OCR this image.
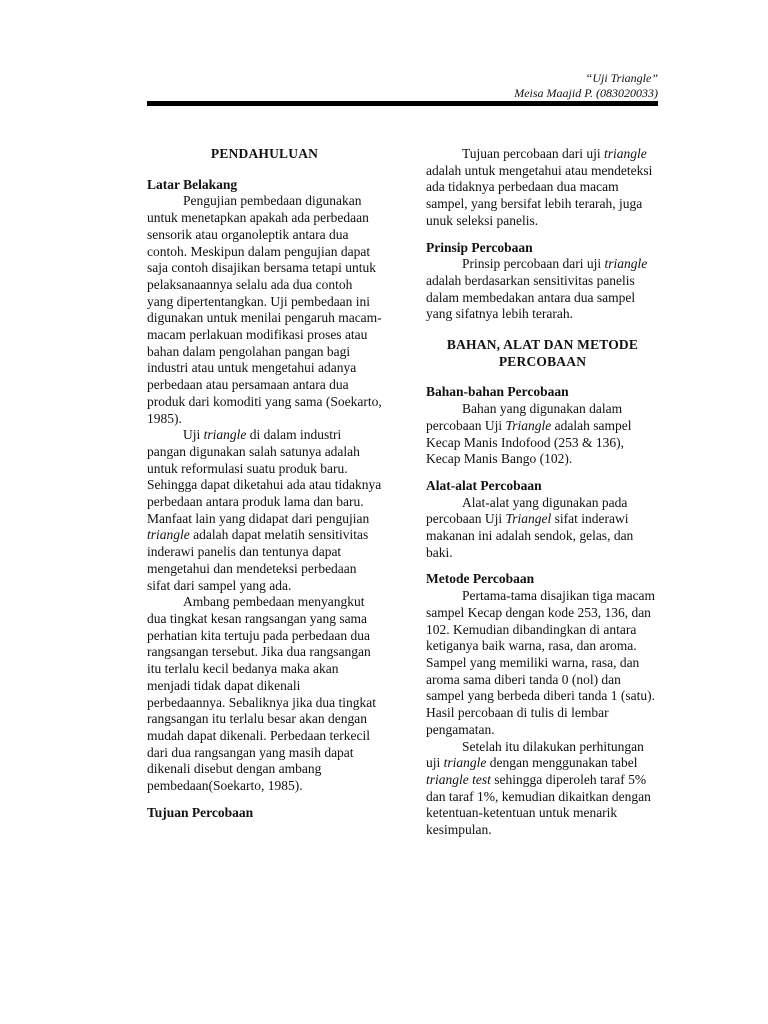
“Uji Triangle”
Meisa Maajid P. (083020033)
PENDAHULUAN
Latar Belakang

Pengujian pembedaan digunakan untuk menetapkan apakah ada perbedaan sensorik atau organoleptik antara dua contoh. Meskipun dalam pengujian dapat saja contoh disajikan bersama tetapi untuk pelaksanaannya selalu ada dua contoh yang dipertentangkan. Uji pembedaan ini digunakan untuk menilai pengaruh macam-macam perlakuan modifikasi proses atau bahan dalam pengolahan pangan bagi industri atau untuk mengetahui adanya perbedaan atau persamaan antara dua produk dari komoditi yang sama (Soekarto, 1985).

Uji triangle di dalam industri pangan digunakan salah satunya adalah untuk reformulasi suatu produk baru. Sehingga dapat diketahui ada atau tidaknya perbedaan antara produk lama dan baru. Manfaat lain yang didapat dari pengujian triangle adalah dapat melatih sensitivitas inderawi panelis dan tentunya dapat mengetahui dan mendeteksi perbedaan sifat dari sampel yang ada.

Ambang pembedaan menyangkut dua tingkat kesan rangsangan yang sama perhatian kita tertuju pada perbedaan dua rangsangan tersebut. Jika dua rangsangan itu terlalu kecil bedanya maka akan menjadi tidak dapat dikenali perbedaannya. Sebaliknya jika dua tingkat rangsangan itu terlalu besar akan dengan mudah dapat dikenali. Perbedaan terkecil dari dua rangsangan yang masih dapat dikenali disebut dengan ambang pembedaan(Soekarto, 1985).

Tujuan Percobaan

Tujuan percobaan dari uji triangle adalah untuk mengetahui atau mendeteksi ada tidaknya perbedaan dua macam sampel, yang bersifat lebih terarah, juga unuk seleksi panelis.

Prinsip Percobaan

Prinsip percobaan dari uji triangle adalah berdasarkan sensitivitas panelis dalam membedakan antara dua sampel yang sifatnya lebih terarah.

BAHAN, ALAT DAN METODE PERCOBAAN
Bahan-bahan Percobaan

Bahan yang digunakan dalam percobaan Uji Triangle adalah sampel Kecap Manis Indofood (253 & 136), Kecap Manis Bango (102).

Alat-alat Percobaan

Alat-alat yang digunakan pada percobaan Uji Triangel sifat inderawi makanan ini adalah sendok, gelas, dan baki.

Metode Percobaan

Pertama-tama disajikan tiga macam sampel Kecap dengan kode 253, 136, dan 102. Kemudian dibandingkan di antara ketiganya baik warna, rasa, dan aroma. Sampel yang memiliki warna, rasa, dan aroma sama diberi tanda 0 (nol) dan sampel yang berbeda diberi tanda 1 (satu). Hasil percobaan di tulis di lembar pengamatan.

Setelah itu dilakukan perhitungan uji triangle dengan menggunakan tabel triangle test sehingga diperoleh taraf 5% dan taraf 1%, kemudian dikaitkan dengan ketentuan-ketentuan untuk menarik kesimpulan.
